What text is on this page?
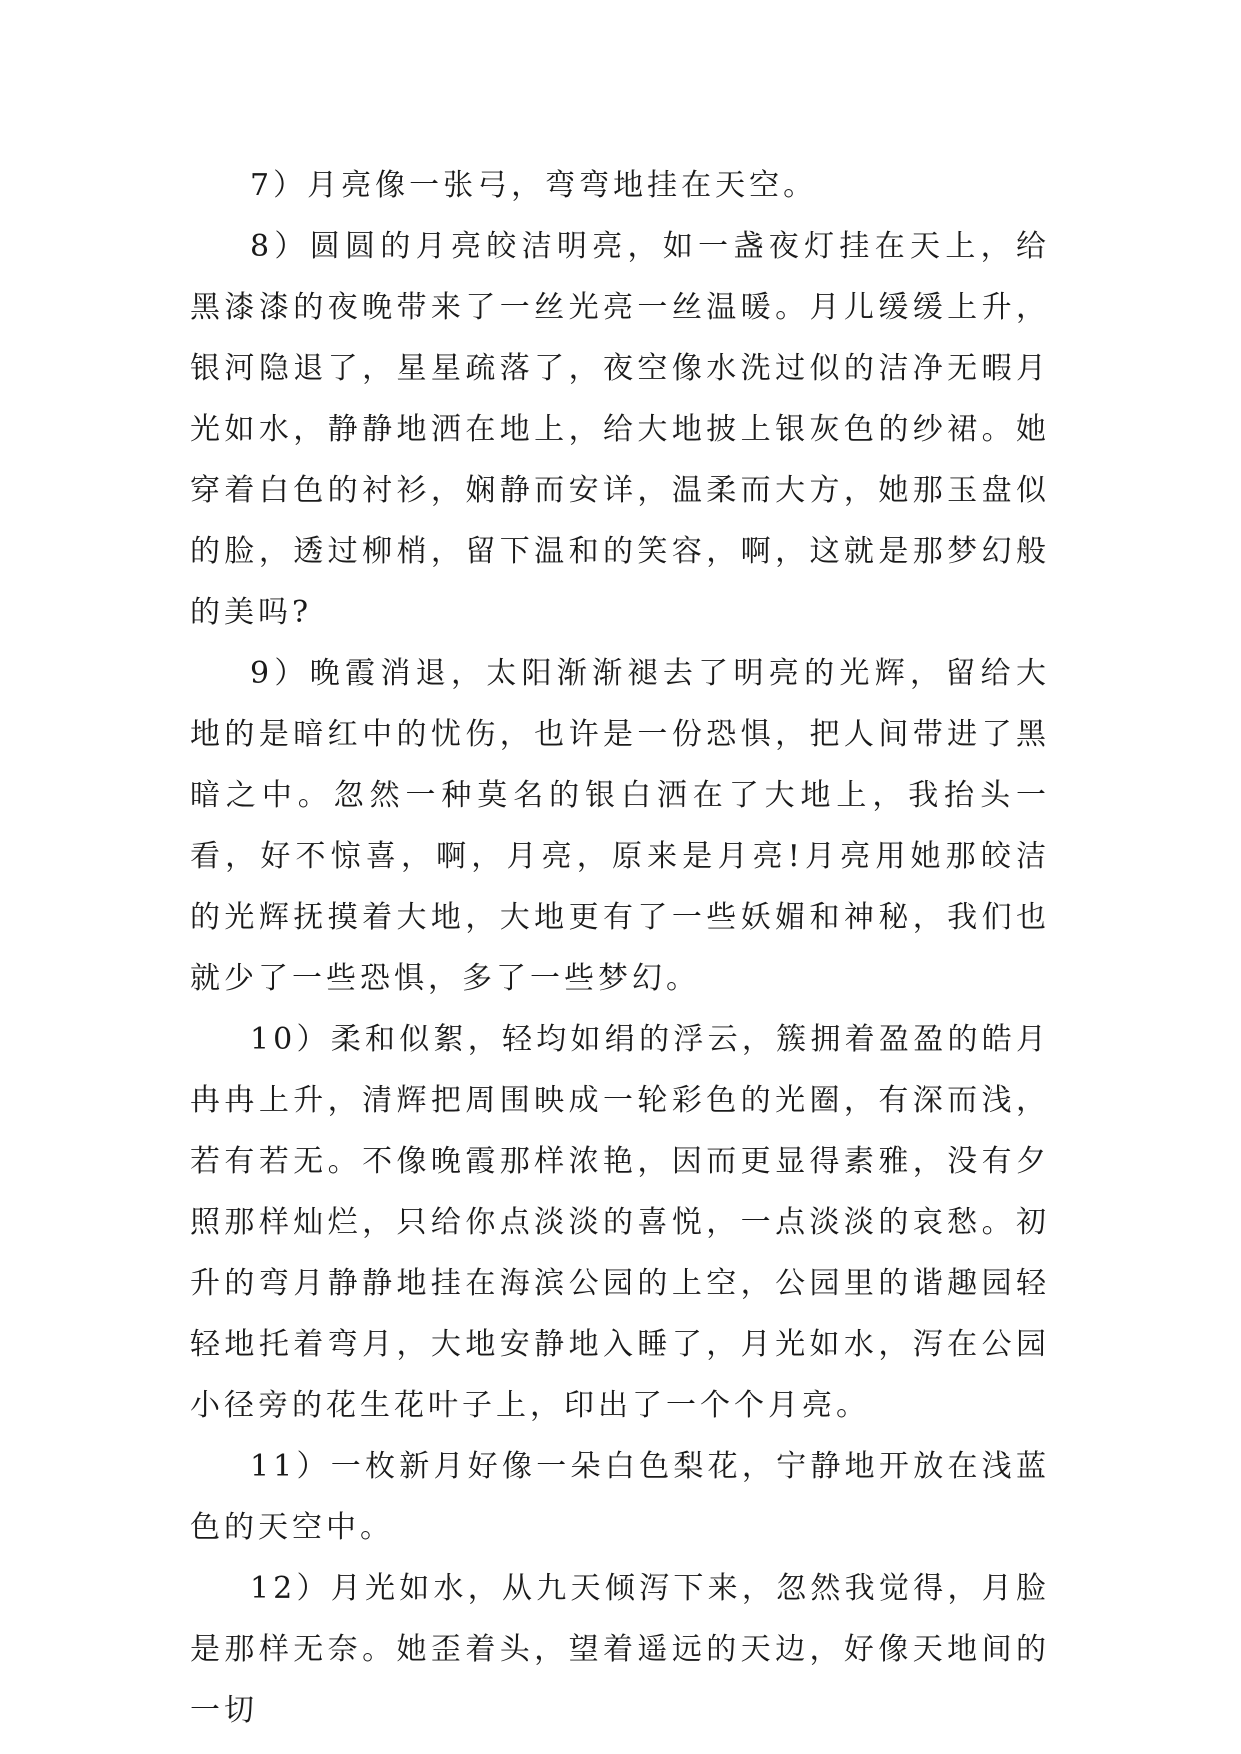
7）月亮像一张弓，弯弯地挂在天空。

8）圆圆的月亮皎洁明亮，如一盏夜灯挂在天上，给黑漆漆的夜晚带来了一丝光亮一丝温暖。月儿缓缓上升，银河隐退了，星星疏落了，夜空像水洗过似的洁净无暇月光如水，静静地洒在地上，给大地披上银灰色的纱裙。她穿着白色的衬衫，娴静而安详，温柔而大方，她那玉盘似的脸，透过柳梢，留下温和的笑容，啊，这就是那梦幻般的美吗?

9）晚霞消退，太阳渐渐褪去了明亮的光辉，留给大地的是暗红中的忧伤，也许是一份恐惧，把人间带进了黑暗之中。忽然一种莫名的银白洒在了大地上，我抬头一看，好不惊喜，啊，月亮，原来是月亮!月亮用她那皎洁的光辉抚摸着大地，大地更有了一些妖媚和神秘，我们也就少了一些恐惧，多了一些梦幻。

10）柔和似絮，轻均如绢的浮云，簇拥着盈盈的皓月冉冉上升，清辉把周围映成一轮彩色的光圈，有深而浅，若有若无。不像晚霞那样浓艳，因而更显得素雅，没有夕照那样灿烂，只给你点淡淡的喜悦，一点淡淡的哀愁。初升的弯月静静地挂在海滨公园的上空，公园里的谐趣园轻轻地托着弯月，大地安静地入睡了，月光如水，泻在公园小径旁的花生花叶子上，印出了一个个月亮。

11）一枚新月好像一朵白色梨花，宁静地开放在浅蓝色的天空中。

12）月光如水，从九天倾泻下来，忽然我觉得，月脸是那样无奈。她歪着头，望着遥远的天边，好像天地间的一切
